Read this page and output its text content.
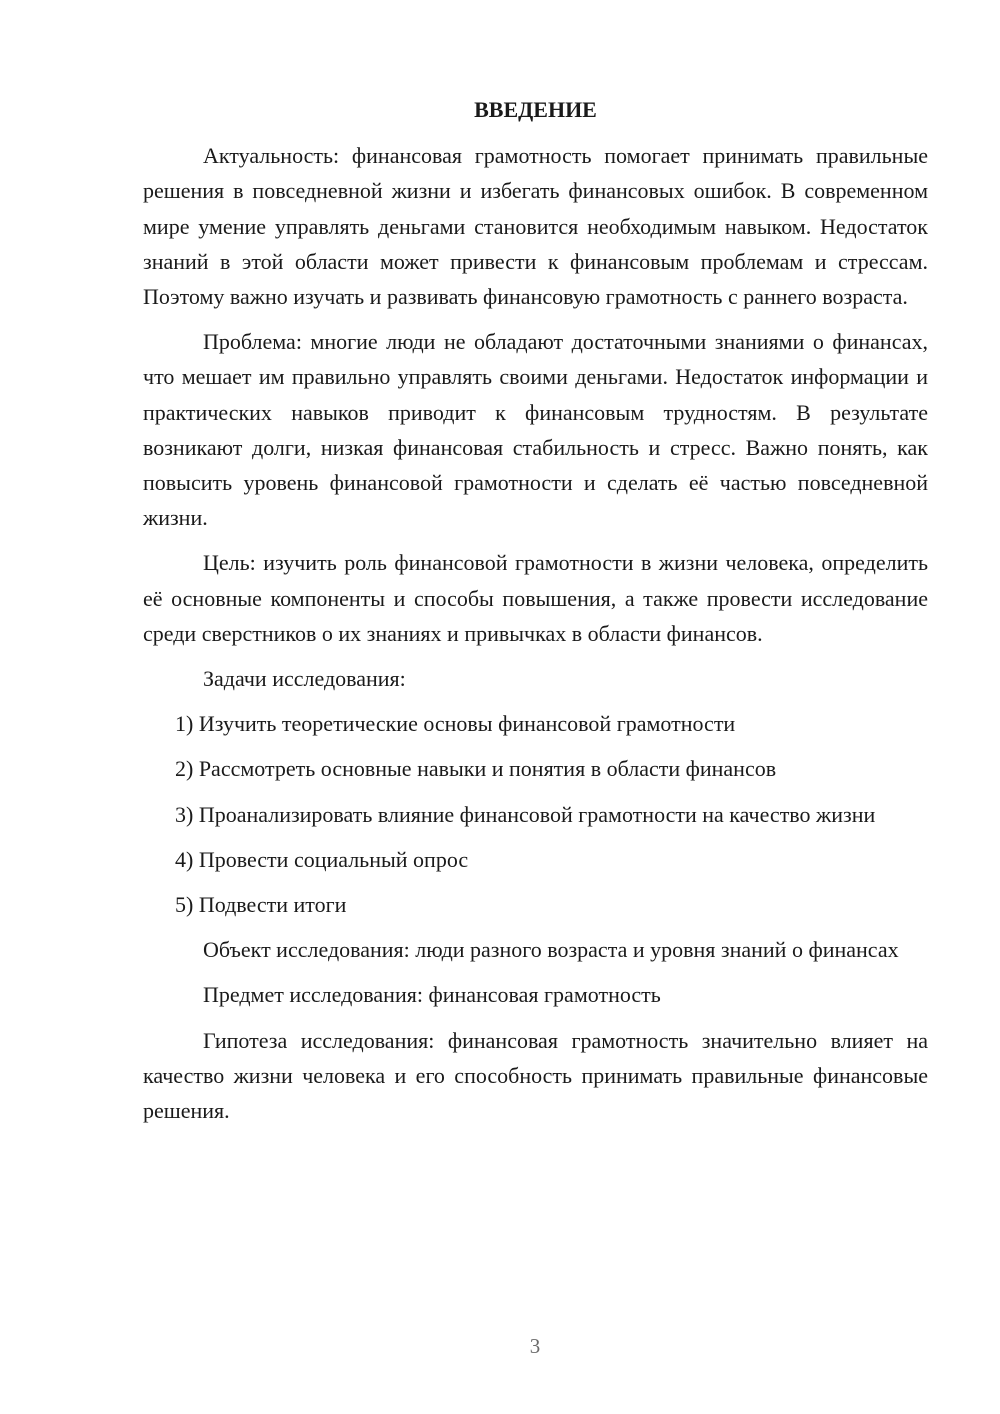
ВВЕДЕНИЕ

Актуальность: финансовая грамотность помогает принимать правильные решения в повседневной жизни и избегать финансовых ошибок. В современном мире умение управлять деньгами становится необходимым навыком. Недостаток знаний в этой области может привести к финансовым проблемам и стрессам. Поэтому важно изучать и развивать финансовую грамотность с раннего возраста.

Проблема: многие люди не обладают достаточными знаниями о финансах, что мешает им правильно управлять своими деньгами. Недостаток информации и практических навыков приводит к финансовым трудностям. В результате возникают долги, низкая финансовая стабильность и стресс. Важно понять, как повысить уровень финансовой грамотности и сделать её частью повседневной жизни.

Цель: изучить роль финансовой грамотности в жизни человека, определить её основные компоненты и способы повышения, а также провести исследование среди сверстников о их знаниях и привычках в области финансов.

Задачи исследования:

1) Изучить теоретические основы финансовой грамотности

2) Рассмотреть основные навыки и понятия в области финансов

3) Проанализировать влияние финансовой грамотности на качество жизни

4) Провести социальный опрос

5) Подвести итоги

Объект исследования: люди разного возраста и уровня знаний о финансах

Предмет исследования: финансовая грамотность

Гипотеза исследования: финансовая грамотность значительно влияет на качество жизни человека и его способность принимать правильные финансовые решения.

3
